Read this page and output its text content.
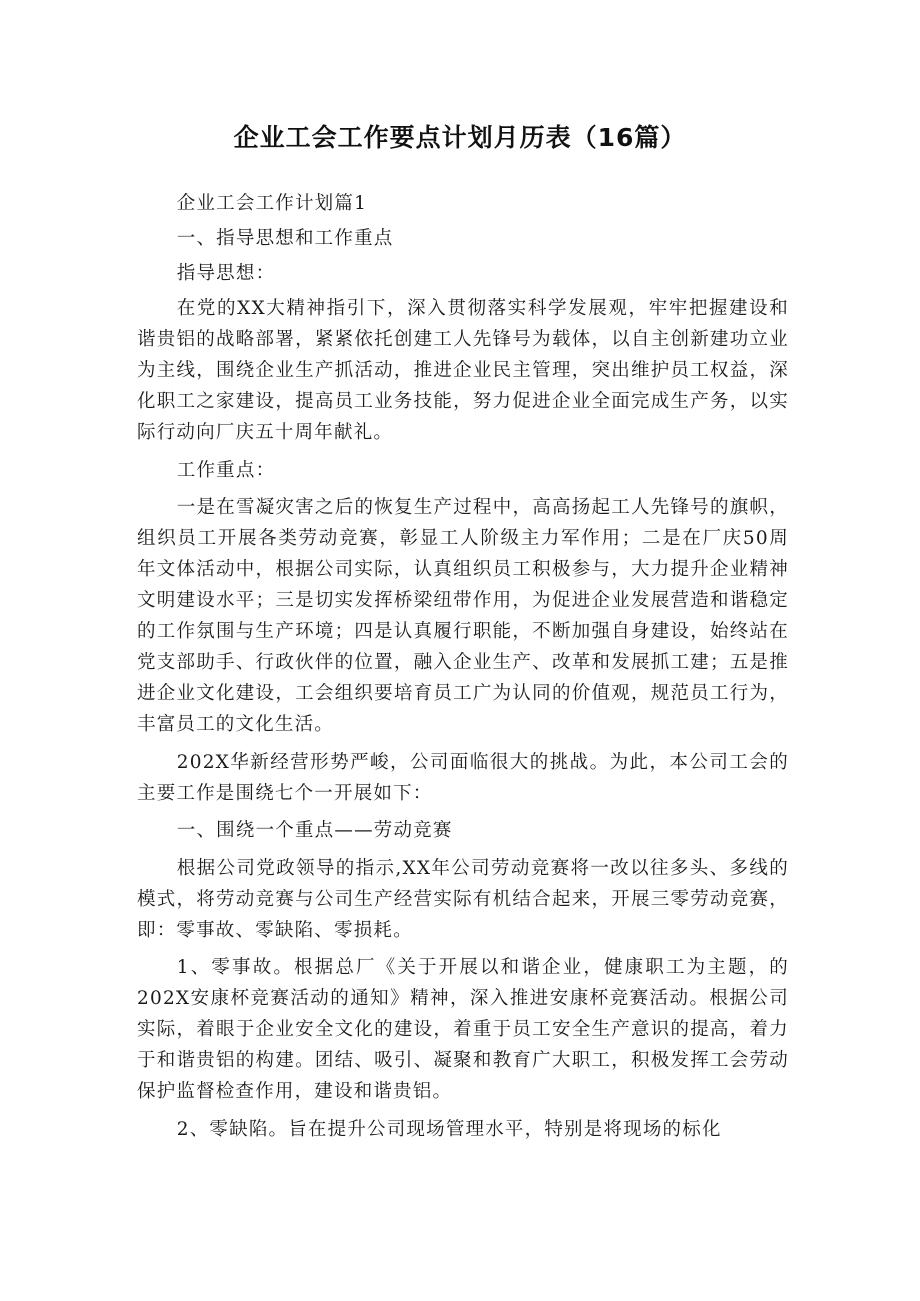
企业工会工作要点计划月历表（16篇）

企业工会工作计划篇1

一、指导思想和工作重点

指导思想：

在党的XX大精神指引下，深入贯彻落实科学发展观，牢牢把握建设和谐贵铝的战略部署，紧紧依托创建工人先锋号为载体，以自主创新建功立业为主线，围绕企业生产抓活动，推进企业民主管理，突出维护员工权益，深化职工之家建设，提高员工业务技能，努力促进企业全面完成生产务，以实际行动向厂庆五十周年献礼。

工作重点：

一是在雪凝灾害之后的恢复生产过程中，高高扬起工人先锋号的旗帜，组织员工开展各类劳动竞赛，彰显工人阶级主力军作用；二是在厂庆50周年文体活动中，根据公司实际，认真组织员工积极参与，大力提升企业精神文明建设水平；三是切实发挥桥梁纽带作用，为促进企业发展营造和谐稳定的工作氛围与生产环境；四是认真履行职能，不断加强自身建设，始终站在党支部助手、行政伙伴的位置，融入企业生产、改革和发展抓工建；五是推进企业文化建设，工会组织要培育员工广为认同的价值观，规范员工行为，丰富员工的文化生活。

202X华新经营形势严峻，公司面临很大的挑战。为此，本公司工会的主要工作是围绕七个一开展如下：

一、围绕一个重点——劳动竞赛

根据公司党政领导的指示,XX年公司劳动竞赛将一改以往多头、多线的模式，将劳动竞赛与公司生产经营实际有机结合起来，开展三零劳动竞赛，即：零事故、零缺陷、零损耗。

1、零事故。根据总厂《关于开展以和谐企业，健康职工为主题，的202X安康杯竞赛活动的通知》精神，深入推进安康杯竞赛活动。根据公司实际，着眼于企业安全文化的建设，着重于员工安全生产意识的提高，着力于和谐贵铝的构建。团结、吸引、凝聚和教育广大职工，积极发挥工会劳动保护监督检查作用，建设和谐贵铝。

2、零缺陷。旨在提升公司现场管理水平，特别是将现场的标化
